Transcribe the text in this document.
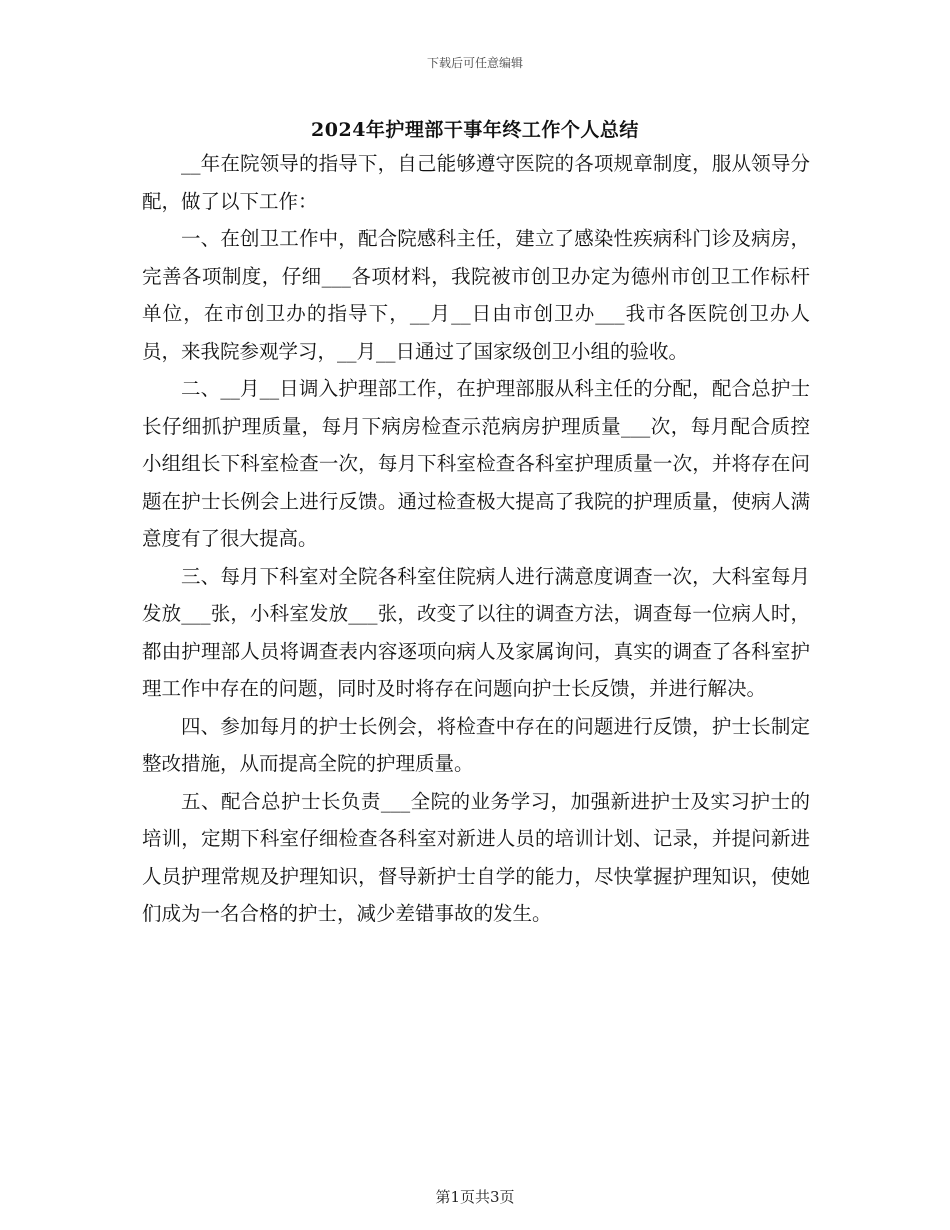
下载后可任意编辑
2024年护理部干事年终工作个人总结

__年在院领导的指导下，自己能够遵守医院的各项规章制度，服从领导分配，做了以下工作：

一、在创卫工作中，配合院感科主任，建立了感染性疾病科门诊及病房，完善各项制度，仔细___各项材料，我院被市创卫办定为德州市创卫工作标杆单位，在市创卫办的指导下，__月__日由市创卫办___我市各医院创卫办人员，来我院参观学习，__月__日通过了国家级创卫小组的验收。

二、__月__日调入护理部工作，在护理部服从科主任的分配，配合总护士长仔细抓护理质量，每月下病房检查示范病房护理质量___次，每月配合质控小组组长下科室检查一次，每月下科室检查各科室护理质量一次，并将存在问题在护士长例会上进行反馈。通过检查极大提高了我院的护理质量，使病人满意度有了很大提高。

三、每月下科室对全院各科室住院病人进行满意度调查一次，大科室每月发放___张，小科室发放___张，改变了以往的调查方法，调查每一位病人时，都由护理部人员将调查表内容逐项向病人及家属询问，真实的调查了各科室护理工作中存在的问题，同时及时将存在问题向护士长反馈，并进行解决。

四、参加每月的护士长例会，将检查中存在的问题进行反馈，护士长制定整改措施，从而提高全院的护理质量。

五、配合总护士长负责___全院的业务学习，加强新进护士及实习护士的培训，定期下科室仔细检查各科室对新进人员的培训计划、记录，并提问新进人员护理常规及护理知识，督导新护士自学的能力，尽快掌握护理知识，使她们成为一名合格的护士，减少差错事故的发生。

第1页共3页
